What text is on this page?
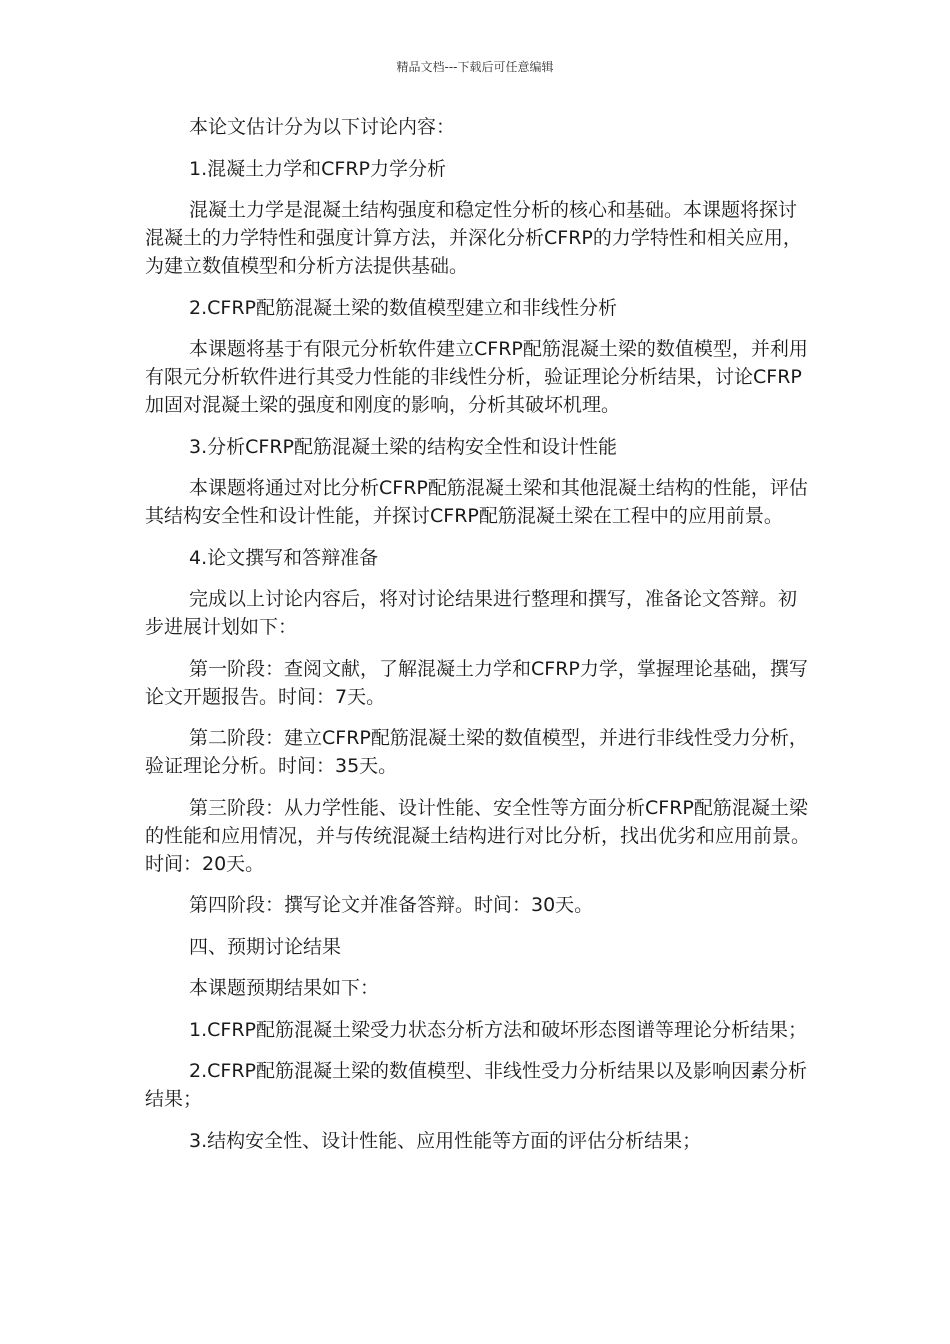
精品文档---下载后可任意编辑

本论文估计分为以下讨论内容：

1.混凝土力学和CFRP力学分析

混凝土力学是混凝土结构强度和稳定性分析的核心和基础。本课题将探讨混凝土的力学特性和强度计算方法，并深化分析CFRP的力学特性和相关应用，为建立数值模型和分析方法提供基础。

2.CFRP配筋混凝土梁的数值模型建立和非线性分析

本课题将基于有限元分析软件建立CFRP配筋混凝土梁的数值模型，并利用有限元分析软件进行其受力性能的非线性分析，验证理论分析结果，讨论CFRP加固对混凝土梁的强度和刚度的影响，分析其破坏机理。

3.分析CFRP配筋混凝土梁的结构安全性和设计性能

本课题将通过对比分析CFRP配筋混凝土梁和其他混凝土结构的性能，评估其结构安全性和设计性能，并探讨CFRP配筋混凝土梁在工程中的应用前景。

4.论文撰写和答辩准备

完成以上讨论内容后，将对讨论结果进行整理和撰写，准备论文答辩。初步进展计划如下：

第一阶段：查阅文献，了解混凝土力学和CFRP力学，掌握理论基础，撰写论文开题报告。时间：7天。

第二阶段：建立CFRP配筋混凝土梁的数值模型，并进行非线性受力分析，验证理论分析。时间：35天。

第三阶段：从力学性能、设计性能、安全性等方面分析CFRP配筋混凝土梁的性能和应用情况，并与传统混凝土结构进行对比分析，找出优劣和应用前景。时间：20天。

第四阶段：撰写论文并准备答辩。时间：30天。

四、预期讨论结果

本课题预期结果如下：

1.CFRP配筋混凝土梁受力状态分析方法和破坏形态图谱等理论分析结果；

2.CFRP配筋混凝土梁的数值模型、非线性受力分析结果以及影响因素分析结果；

3.结构安全性、设计性能、应用性能等方面的评估分析结果；
